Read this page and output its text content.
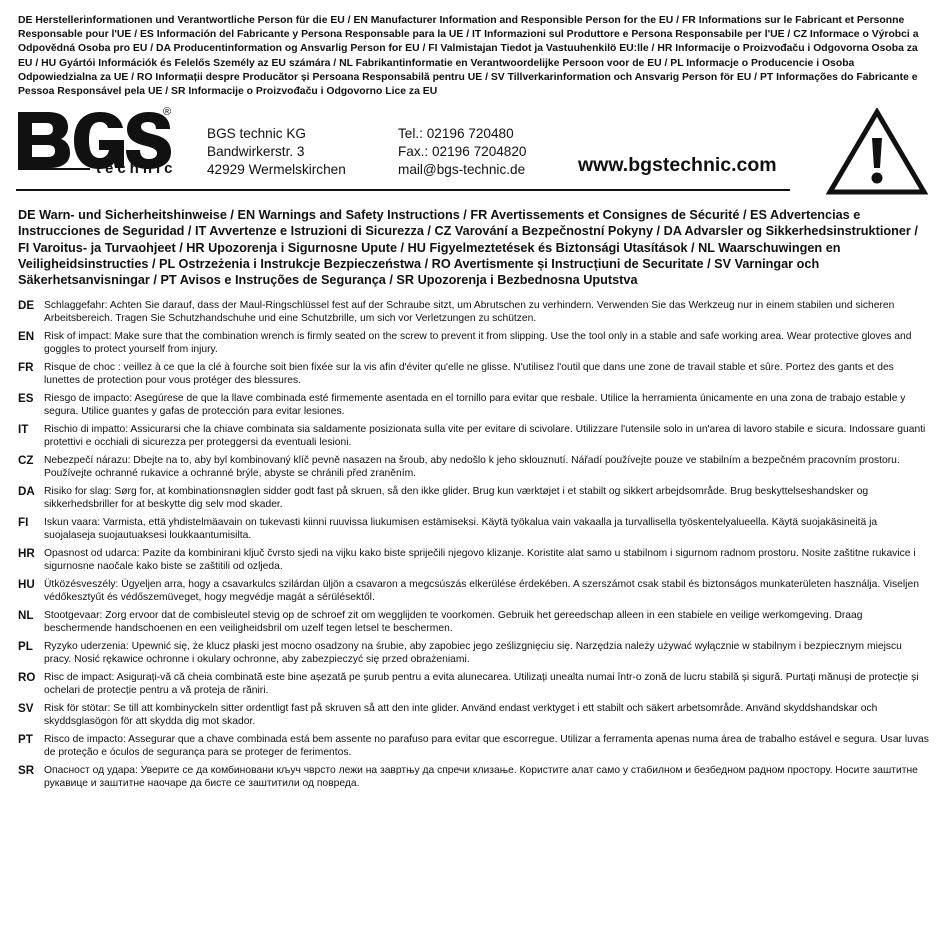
DE Herstellerinformationen und Verantwortliche Person für die EU / EN Manufacturer Information and Responsible Person for the EU / FR Informations sur le Fabricant et Personne Responsable pour l'UE / ES Información del Fabricante y Persona Responsable para la UE / IT Informazioni sul Produttore e Persona Responsabile per l'UE / CZ Informace o Výrobci a Odpovědná Osoba pro EU / DA Producentinformation og Ansvarlig Person for EU / FI Valmistajan Tiedot ja Vastuuhenkilö EU:lle / HR Informacije o Proizvođaču i Odgovorna Osoba za EU / HU Gyártói Információk és Felelős Személy az EU számára / NL Fabrikantinformatie en Verantwoordelijke Persoon voor de EU / PL Informacje o Producencie i Osoba Odpowiedzialna za UE / RO Informații despre Producător și Persoana Responsabilă pentru UE / SV Tillverkarinformation och Ansvarig Person för EU / PT Informações do Fabricante e Pessoa Responsável pela UE / SR Informacije o Proizvođaču i Odgovorno Lice za EU

technic
®
BGS technic KG
Bandwirkerstr. 3
42929 Wermelskirchen
Tel.: 02196 720480
Fax.: 02196 7204820
mail@bgs-technic.de	www.bgstechnic.com

DE Warn- und Sicherheitshinweise / EN Warnings and Safety Instructions / FR Avertissements et Consignes de Sécurité / ES Advertencias e Instrucciones de Seguridad / IT Avvertenze e Istruzioni di Sicurezza / CZ Varování a Bezpečnostní Pokyny / DA Advarsler og Sikkerhedsinstruktioner / FI Varoitus- ja Turvaohjeet / HR Upozorenja i Sigurnosne Upute / HU Figyelmeztetések és Biztonsági Utasítások / NL Waarschuwingen en Veiligheidsinstructies / PL Ostrzeżenia i Instrukcje Bezpieczeństwa / RO Avertismente și Instrucțiuni de Securitate / SV Varningar och Säkerhetsanvisningar / PT Avisos e Instruções de Segurança / SR Upozorenja i Bezbednosna Uputstva

DE Schlaggefahr: Achten Sie darauf, dass der Maul-Ringschlüssel fest auf der Schraube sitzt, um Abrutschen zu verhindern. Verwenden Sie das Werkzeug nur in einem stabilen und sicheren Arbeitsbereich. Tragen Sie Schutzhandschuhe und eine Schutzbrille, um sich vor Verletzungen zu schützen.

EN Risk of impact: Make sure that the combination wrench is firmly seated on the screw to prevent it from slipping. Use the tool only in a stable and safe working area. Wear protective gloves and goggles to protect yourself from injury.

FR	Risque de choc : veillez à ce que la clé à fourche soit bien fixée sur la vis afin d'éviter qu'elle ne glisse. N'utilisez l'outil que dans une zone de travail stable et sûre. Portez des gants et des lunettes de protection pour vous protéger des blessures.

ES	Riesgo de impacto: Asegúrese de que la llave combinada esté firmemente asentada en el tornillo para evitar que resbale. Utilice la herramienta únicamente en una zona de trabajo estable y segura. Utilice guantes y gafas de protección para evitar lesiones.

IT	Rischio di impatto: Assicurarsi che la chiave combinata sia saldamente posizionata sulla vite per evitare di scivolare. Utilizzare l'utensile solo in un'area di lavoro stabile e sicura. Indossare guanti protettivi e occhiali di sicurezza per proteggersi da eventuali lesioni.

CZ	Nebezpečí nárazu: Dbejte na to, aby byl kombinovaný klíč pevně nasazen na šroub, aby nedošlo k jeho sklouznutí. Nářadí používejte pouze ve stabilním a bezpečném pracovním prostoru. Používejte ochranné rukavice a ochranné brýle, abyste se chránili před zraněním.

DA Risiko for slag: Sørg for, at kombinationsnøglen sidder godt fast på skruen, så den ikke glider. Brug kun værktøjet i et stabilt og sikkert arbejdsområde. Brug beskyttelseshandsker og sikkerhedsbriller for at beskytte dig selv mod skader.

FI	Iskun vaara: Varmista, että yhdistelmäavain on tukevasti kiinni ruuvissa liukumisen estämiseksi. Käytä työkalua vain vakaalla ja turvallisella työskentelyalueella. Käytä suojakäsineitä ja suojalaseja suojautuaksesi loukkaantumisilta.

HR Opasnost od udarca: Pazite da kombinirani ključ čvrsto sjedi na vijku kako biste spriječili njegovo klizanje. Koristite alat samo u stabilnom i sigurnom radnom prostoru. Nosite zaštitne rukavice i sigurnosne naočale kako biste se zaštitili od ozljeda.

HU Ütközésveszély: Ügyeljen arra, hogy a csavarkulcs szilárdan üljön a csavaron a megcsúszás elkerülése érdekében. A szerszámot csak stabil és biztonságos munkaterületen használja. Viseljen védőkesztyűt és védőszemüveget, hogy megvédje magát a sérülésektől.

NL	Stootgevaar: Zorg ervoor dat de combisleutel stevig op de schroef zit om wegglijden te voorkomen. Gebruik het gereedschap alleen in een stabiele en veilige werkomgeving. Draag beschermende handschoenen en een veiligheidsbril om uzelf tegen letsel te beschermen.

PL	Ryzyko uderzenia: Upewnić się, że klucz płaski jest mocno osadzony na śrubie, aby zapobiec jego ześlizgnięciu się. Narzędzia należy używać wyłącznie w stabilnym i bezpiecznym miejscu pracy. Nosić rękawice ochronne i okulary ochronne, aby zabezpieczyć się przed obrażeniami.

RO Risc de impact: Asigurați-vă că cheia combinată este bine așezată pe șurub pentru a evita alunecarea. Utilizați unealta numai într-o zonă de lucru stabilă și sigură. Purtați mănuși de protecție și ochelari de protecție pentru a vă proteja de răniri.

SV	Risk för stötar: Se till att kombinyckeln sitter ordentligt fast på skruven så att den inte glider. Använd endast verktyget i ett stabilt och säkert arbetsområde. Använd skyddshandskar och skyddsglasögon för att skydda dig mot skador.

PT	Risco de impacto: Assegurar que a chave combinada está bem assente no parafuso para evitar que escorregue. Utilizar a ferramenta apenas numa área de trabalho estável e segura. Usar luvas de proteção e óculos de segurança para se proteger de ferimentos.

SR Опасност од удара: Уверите се да комбиновани кључ чврсто лежи на завртњу да спречи клизање. Користите алат само у стабилном и безбедном радном простору. Носите заштитне рукавице и заштитне наочаре да бисте се заштитили од повреда.
